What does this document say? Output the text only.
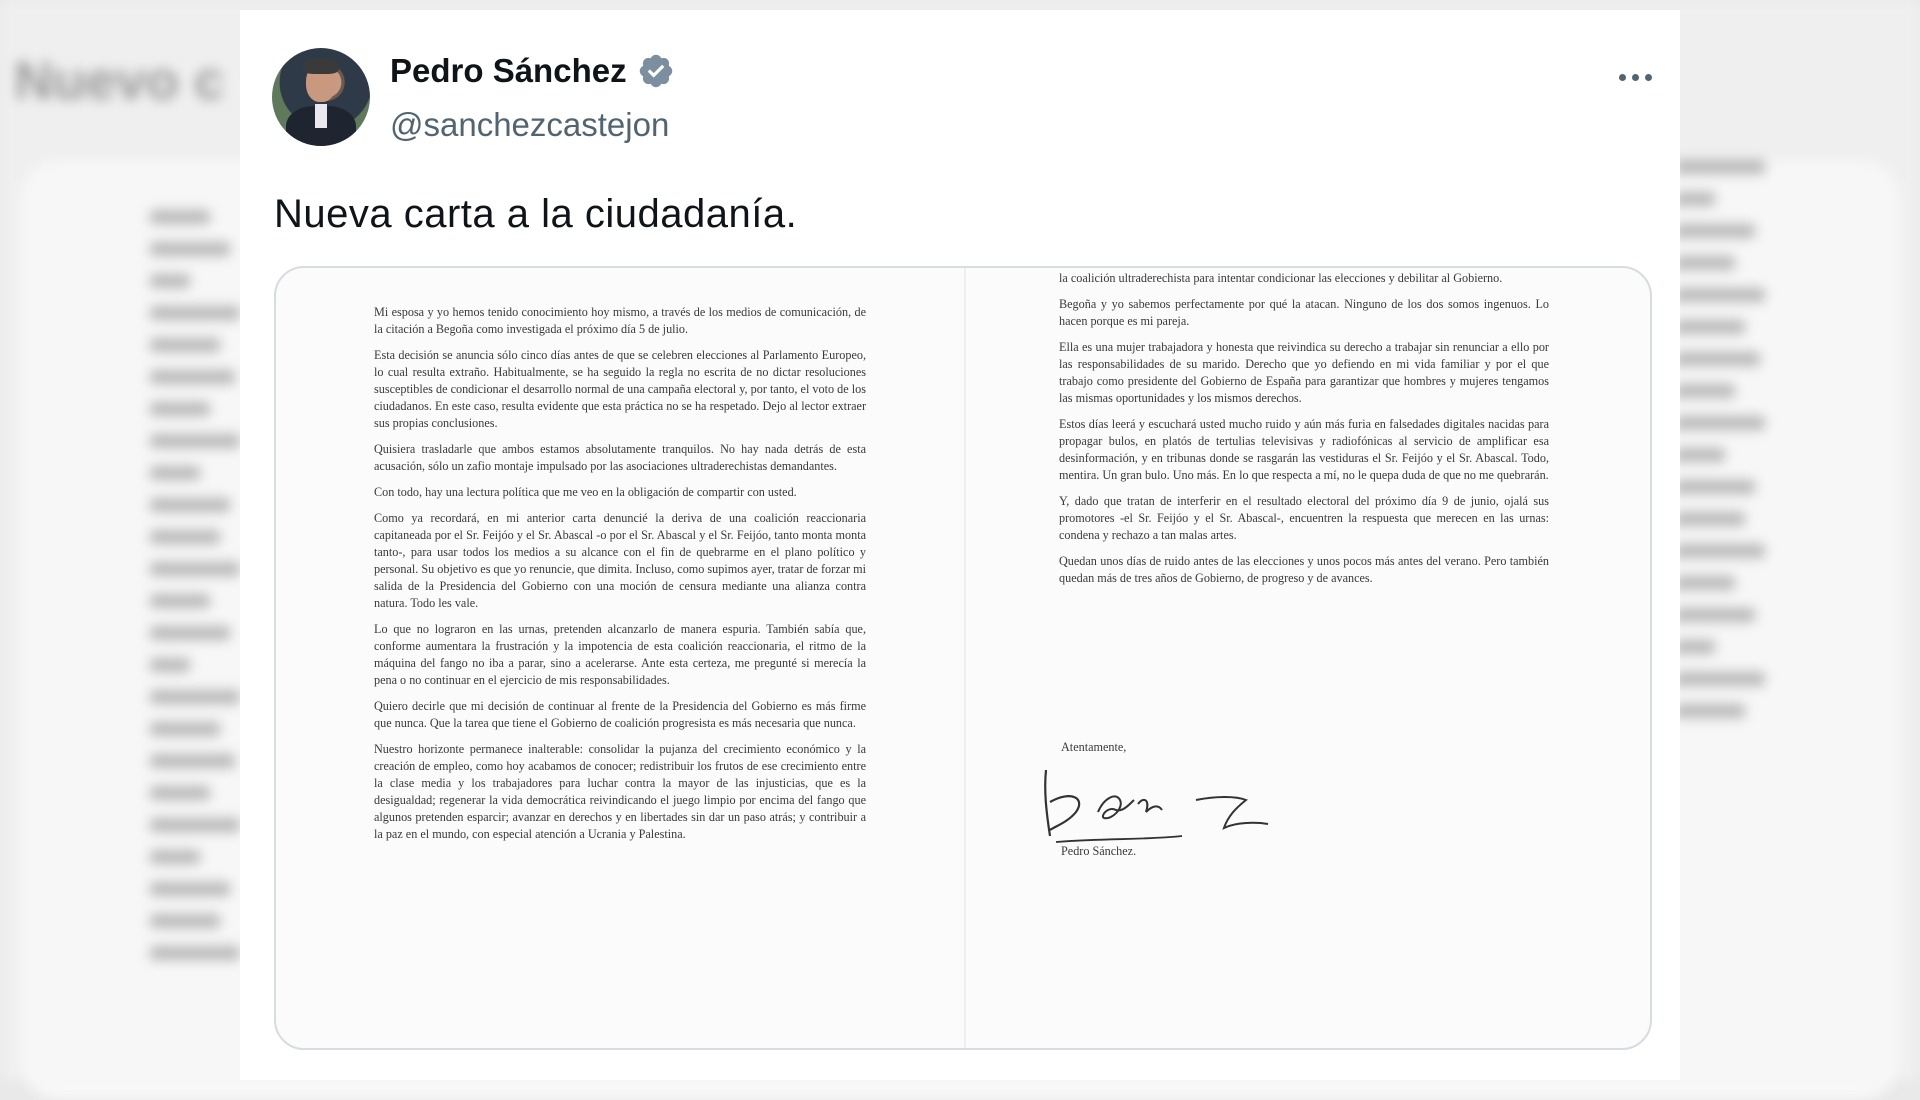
Nuevo c	Pedro Sánchez
@sanchezcastejon
Nueva carta a la ciudadanía.

Mi esposa y yo hemos tenido conocimiento hoy mismo, a través de los medios de comunicación, de la citación a Begoña como investigada el próximo día 5 de julio.

Esta decisión se anuncia sólo cinco días antes de que se celebren elecciones al Parlamento Europeo, lo cual resulta extraño. Habitualmente, se ha seguido la regla no escrita de no dictar resoluciones susceptibles de condicionar el desarrollo normal de una campaña electoral y, por tanto, el voto de los ciudadanos. En este caso, resulta evidente que esta práctica no se ha respetado. Dejo al lector extraer sus propias conclusiones.

Quisiera trasladarle que ambos estamos absolutamente tranquilos. No hay nada detrás de esta acusación, sólo un zafio montaje impulsado por las asociaciones ultraderechistas demandantes.

Con todo, hay una lectura política que me veo en la obligación de compartir con usted.

Como ya recordará, en mi anterior carta denuncié la deriva de una coalición reaccionaria capitaneada por el Sr. Feijóo y el Sr. Abascal -o por el Sr. Abascal y el Sr. Feijóo, tanto monta monta tanto-, para usar todos los medios a su alcance con el fin de quebrarme en el plano político y personal. Su objetivo es que yo renuncie, que dimita. Incluso, como supimos ayer, tratar de forzar mi salida de la Presidencia del Gobierno con una moción de censura mediante una alianza contra natura. Todo les vale.

Lo que no lograron en las urnas, pretenden alcanzarlo de manera espuria. También sabía que, conforme aumentara la frustración y la impotencia de esta coalición reaccionaria, el ritmo de la máquina del fango no iba a parar, sino a acelerarse. Ante esta certeza, me pregunté si merecía la pena o no continuar en el ejercicio de mis responsabilidades.

Quiero decirle que mi decisión de continuar al frente de la Presidencia del Gobierno es más firme que nunca. Que la tarea que tiene el Gobierno de coalición progresista es más necesaria que nunca.

Nuestro horizonte permanece inalterable: consolidar la pujanza del crecimiento económico y la creación de empleo, como hoy acabamos de conocer; redistribuir los frutos de ese crecimiento entre la clase media y los trabajadores para luchar contra la mayor de las injusticias, que es la desigualdad; regenerar la vida democrática reivindicando el juego limpio por encima del fango que algunos pretenden esparcir; avanzar en derechos y en libertades sin dar un paso atrás; y contribuir a la paz en el mundo, con especial atención a Ucrania y Palestina.

la coalición ultraderechista para intentar condicionar las elecciones y debilitar al Gobierno.

Begoña y yo sabemos perfectamente por qué la atacan. Ninguno de los dos somos ingenuos. Lo hacen porque es mi pareja.

Ella es una mujer trabajadora y honesta que reivindica su derecho a trabajar sin renunciar a ello por las responsabilidades de su marido. Derecho que yo defiendo en mi vida familiar y por el que trabajo como presidente del Gobierno de España para garantizar que hombres y mujeres tengamos las mismas oportunidades y los mismos derechos.

Estos días leerá y escuchará usted mucho ruido y aún más furia en falsedades digitales nacidas para propagar bulos, en platós de tertulias televisivas y radiofónicas al servicio de amplificar esa desinformación, y en tribunas donde se rasgarán las vestiduras el Sr. Feijóo y el Sr. Abascal. Todo, mentira. Un gran bulo. Uno más. En lo que respecta a mí, no le quepa duda de que no me quebrarán.

Y, dado que tratan de interferir en el resultado electoral del próximo día 9 de junio, ojalá sus promotores -el Sr. Feijóo y el Sr. Abascal-, encuentren la respuesta que merecen en las urnas: condena y rechazo a tan malas artes.

Quedan unos días de ruido antes de las elecciones y unos pocos más antes del verano. Pero también quedan más de tres años de Gobierno, de progreso y de avances.

Atentamente,
Pedro Sánchez.
